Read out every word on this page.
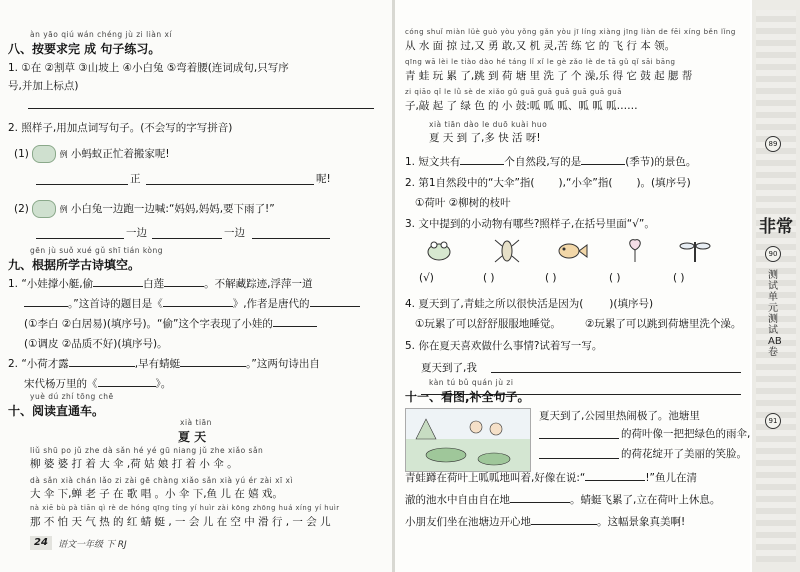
àn yāo qiú wán chéng jù zi liàn xí
八、按要求完 成 句子练习。
1. ①在 ②割草 ③山坡上 ④小白兔 ⑤弯着腰(连词成句,只写序
号,并加上标点)
2. 照样子,用加点词写句子。(不会写的字写拼音)
(1)	例 小蚂蚁正忙着搬家呢!
正	呢!
(2)	例 小白兔一边跑一边喊:“妈妈,妈妈,要下雨了!”
一边	一边
gēn jù suǒ xué gǔ shī tián kòng
九、根据所学古诗填空。
1. “小娃撑小艇,偷	白莲	。不解藏踪迹,浮萍一道
。”这首诗的题目是《	》,作者是唐代的
(①李白 ②白居易)(填序号)。“偷”这个字表现了小娃的
(①调皮 ②品质不好)(填序号)。
2. “小荷才露	,早有蜻蜓	。”这两句诗出自
宋代杨万里的《	》。
yuè dú zhí tōng chē
十、阅读直通车。
xià tiān
夏 天
liǔ shū po jǔ zhe dà sǎn hé yé gū niang jǔ zhe xiǎo sǎn
柳 婆 婆 打 着 大 伞 ,荷 姑 娘 打 着 小 伞 。
dà sǎn xià chán lǎo zi zài gē chàng xiǎo sǎn xià yú ér zài xī xì
大 伞 下,蝉 老 子 在 歌 唱 。小 伞 下,鱼 儿 在 嬉 戏。
nà xiē bù pà tiān qì rè de hóng qīng tíng yí huìr zài kōng zhōng huá xíng yí huìr
那 不 怕 天 气 热 的 红 蜻 蜓 , 一 会 儿 在 空 中 滑 行 , 一 会 儿
24	语文一年级 下 RJ
cóng shuǐ miàn lüè guò yòu yǒng gǎn yòu jī líng xiàng jīng liàn de fēi xíng běn lǐng
从 水 面 掠 过,又 勇 敢,又 机 灵,苦 练 它 的 飞 行 本 领。
qīng wā lèi le tiào dào hé táng lǐ xǐ le gè zǎo lè de tā gǔ qǐ sāi bāng
青 蛙 玩 累 了,跳 到 荷 塘 里 洗 了 个 澡,乐 得 它 鼓 起 腮 帮
zi qiāo qǐ le lǜ sè de xiǎo gǔ guā guā guā guā guā guā
子,敲 起 了 绿 色 的 小 鼓:呱 呱 呱、呱 呱 呱……
xià tiān dào le duō kuài huo
夏 天 到 了,多 快 活 呀!
1. 短文共有	个自然段,写的是	(季节)的景色。
2. 第1自然段中的“大伞”指( ),“小伞”指( )。(填序号)
①荷叶 ②柳树的枝叶
3. 文中提到的小动物有哪些?照样子,在括号里面“√”。
(√)	( )	( )	( )	( )
4. 夏天到了,青蛙之所以很快活是因为( )(填序号)
①玩累了可以舒舒服服地睡觉。 ②玩累了可以跳到荷塘里洗个澡。
5. 你在夏天喜欢做什么事情?试着写一写。
夏天到了,我
kàn tú bǔ quán jù zi
十一、看图,补全句子。
夏天到了,公园里热闹极了。池塘里
的荷叶像一把把绿色的雨伞,
的荷花绽开了美丽的笑脸。
青蛙蹲在荷叶上呱呱地叫着,好像在说:“	!”鱼儿在清
澈的池水中自由自在地	。蜻蜓飞累了,立在荷叶上休息。
小朋友们坐在池塘边开心地	。这幅景象真美啊!
89
非常
90
测试单元测试AB卷
91
